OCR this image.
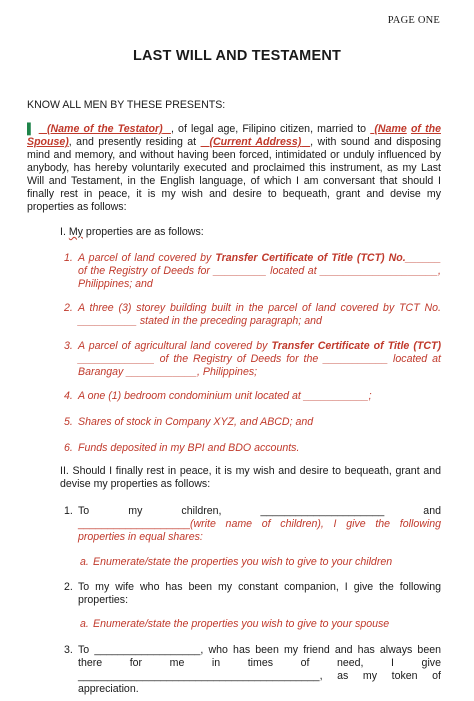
PAGE ONE
LAST WILL AND TESTAMENT
KNOW ALL MEN BY THESE PRESENTS:
▌ (Name of the Testator) , of legal age, Filipino citizen, married to (Name of the Spouse), and presently residing at (Current Address) , with sound and disposing mind and memory, and without having been forced, intimidated or unduly influenced by anybody, has hereby voluntarily executed and proclaimed this instrument, as my Last Will and Testament, in the English language, of which I am conversant that should I finally rest in peace, it is my wish and desire to bequeath, grant and devise my properties as follows:
I. My properties are as follows:
1. A parcel of land covered by Transfer Certificate of Title (TCT) No.______ of the Registry of Deeds for _________ located at ____________________, Philippines; and
2. A three (3) storey building built in the parcel of land covered by TCT No. __________ stated in the preceding paragraph; and
3. A parcel of agricultural land covered by Transfer Certificate of Title (TCT) _____________ of the Registry of Deeds for the ___________ located at Barangay ____________, Philippines;
4. A one (1) bedroom condominium unit located at ___________;
5. Shares of stock in Company XYZ, and ABCD; and
6. Funds deposited in my BPI and BDO accounts.
II. Should I finally rest in peace, it is my wish and desire to bequeath, grant and devise my properties as follows:
1. To	my	children,	_____________________	and
___________________(write name of children), I give the following properties in equal shares:
a. Enumerate/state the properties you wish to give to your children
2. To my wife who has been my constant companion, I give the following properties:
a. Enumerate/state the properties you wish to give to your spouse
3. To __________________, who has been my friend and has always been there for me in times of need, I give _________________________________________, as my token of appreciation.
